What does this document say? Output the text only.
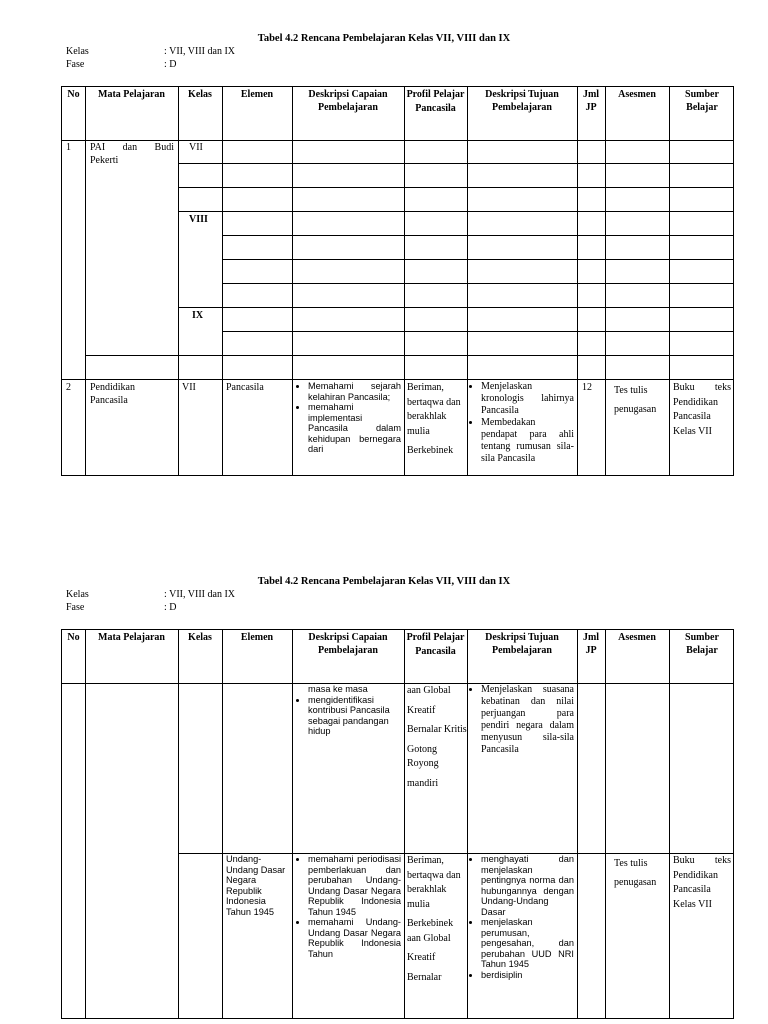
Tabel 4.2 Rencana Pembelajaran Kelas VII, VIII dan IX
Kelas	: VII, VIII dan IX
Fase	: D
No	Mata Pelajaran	Kelas	Elemen	Deskripsi Capaian Pembelajaran
Profil Pelajar Pancasila
Deskripsi Tujuan Pembelajaran
Jml JP
Asesmen	Sumber Belajar
1 PAI dan Budi Pekerti
VII
VIII
IX
2 Pendidikan Pancasila
VII	Pancasila
•	Memahami sejarah kelahiran Pancasila;
• memahami implementasi Pancasila dalam kehidupan bernegara dari
Beriman, bertaqwa dan berakhlak mulia
Berkebinek
• Menjelaskan kronologis lahirnya Pancasila
• Membedakan pendapat para ahli tentang rumusan sila-sila Pancasila
12 Tes tulis
penugasan
Buku teks Pendidikan Pancasila Kelas VII
Tabel 4.2 Rencana Pembelajaran Kelas VII, VIII dan IX
Kelas	: VII, VIII dan IX
Fase	: D
No	Mata Pelajaran	Kelas	Elemen	Deskripsi Capaian Pembelajaran
Profil Pelajar Pancasila
Deskripsi Tujuan Pembelajaran
Jml JP
Asesmen	Sumber Belajar
masa ke masa
• mengidentifikasi kontribusi Pancasila sebagai pandangan hidup
aan Global
Kreatif
Bernalar Kritis
Gotong Royong
mandiri
• Menjelaskan suasana kebatinan dan nilai perjuangan para pendiri negara dalam menyusun sila-sila Pancasila
Undang-Undang Dasar Negara Republik Indonesia Tahun 1945
• memahami periodisasi pemberlakuan dan perubahan Undang-Undang Dasar Negara Republik Indonesia Tahun 1945
• memahami Undang- Undang Dasar Negara Republik Indonesia Tahun
Beriman, bertaqwa dan berakhlak mulia
Berkebinek aan Global
Kreatif
Bernalar
• menghayati dan menjelaskan pentingnya norma dan hubungannya dengan Undang-Undang Dasar
• menjelaskan perumusan, pengesahan, dan perubahan UUD NRI Tahun 1945
• berdisiplin
Tes tulis
penugasan
Buku teks Pendidikan Pancasila Kelas VII
